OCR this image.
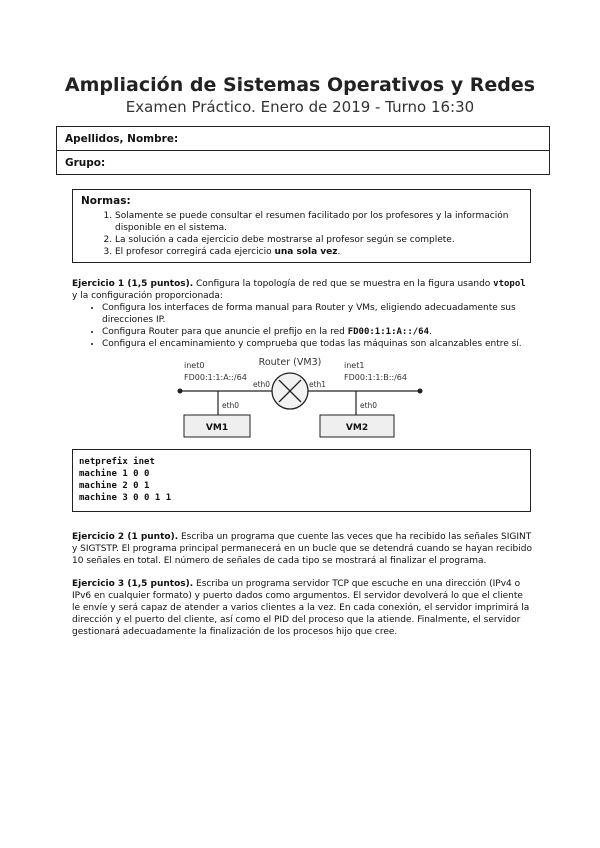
Ampliación de Sistemas Operativos y Redes
Examen Práctico. Enero de 2019 - Turno 16:30
Apellidos, Nombre:
Grupo:
Normas:
1. Solamente se puede consultar el resumen facilitado por los profesores y la información disponible en el sistema.
2. La solución a cada ejercicio debe mostrarse al profesor según se complete.
3. El profesor corregirá cada ejercicio una sola vez.
Ejercicio 1 (1,5 puntos). Configura la topología de red que se muestra en la figura usando vtopol y la configuración proporcionada:
• Configura los interfaces de forma manual para Router y VMs, eligiendo adecuadamente sus direcciones IP.
• Configura Router para que anuncie el prefijo en la red FD00:1:1:A::/64.
• Configura el encaminamiento y comprueba que todas las máquinas son alcanzables entre sí.
Router (VM3)
inet0
FD00:1:1:A::/64
inet1
FD00:1:1:B::/64
eth0	eth1
eth0	eth0
VM1	VM2
netprefix inet
machine 1 0 0
machine 2 0 1
machine 3 0 0 1 1
Ejercicio 2 (1 punto). Escriba un programa que cuente las veces que ha recibido las señales SIGINT y SIGTSTP. El programa principal permanecerá en un bucle que se detendrá cuando se hayan recibido 10 señales en total. El número de señales de cada tipo se mostrará al finalizar el programa.
Ejercicio 3 (1,5 puntos). Escriba un programa servidor TCP que escuche en una dirección (IPv4 o IPv6 en cualquier formato) y puerto dados como argumentos. El servidor devolverá lo que el cliente le envíe y será capaz de atender a varios clientes a la vez. En cada conexión, el servidor imprimirá la dirección y el puerto del cliente, así como el PID del proceso que la atiende. Finalmente, el servidor gestionará adecuadamente la finalización de los procesos hijo que cree.
